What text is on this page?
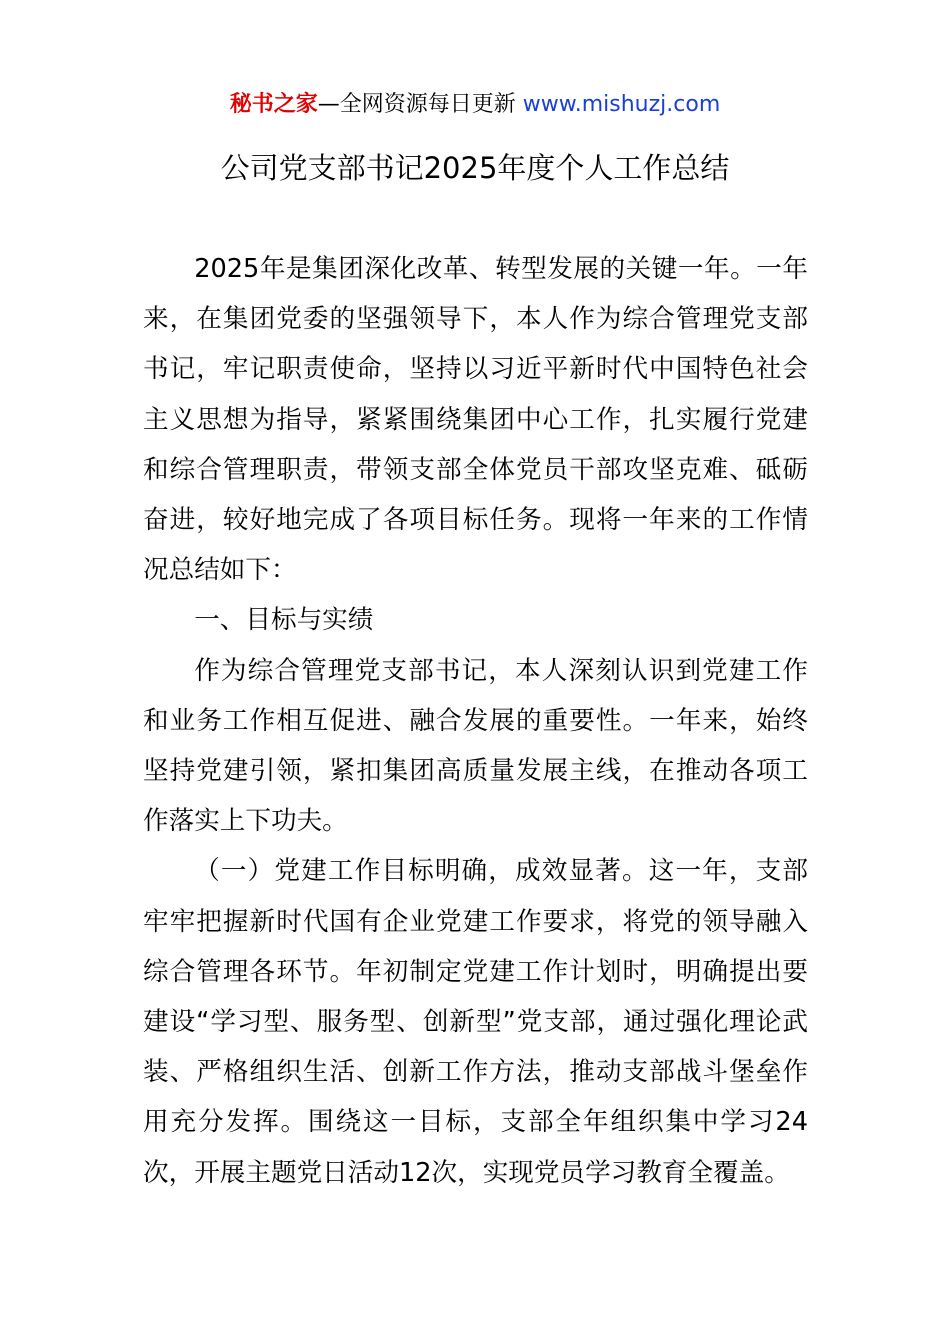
秘书之家—全网资源每日更新 www.mishuzj.com
公司党支部书记2025年度个人工作总结

2025年是集团深化改革、转型发展的关键一年。一年来，在集团党委的坚强领导下，本人作为综合管理党支部书记，牢记职责使命，坚持以习近平新时代中国特色社会主义思想为指导，紧紧围绕集团中心工作，扎实履行党建和综合管理职责，带领支部全体党员干部攻坚克难、砥砺奋进，较好地完成了各项目标任务。现将一年来的工作情况总结如下：

一、目标与实绩

作为综合管理党支部书记，本人深刻认识到党建工作和业务工作相互促进、融合发展的重要性。一年来，始终坚持党建引领，紧扣集团高质量发展主线，在推动各项工作落实上下功夫。

（一）党建工作目标明确，成效显著。这一年，支部牢牢把握新时代国有企业党建工作要求，将党的领导融入综合管理各环节。年初制定党建工作计划时，明确提出要建设“学习型、服务型、创新型”党支部，通过强化理论武装、严格组织生活、创新工作方法，推动支部战斗堡垒作用充分发挥。围绕这一目标，支部全年组织集中学习24次，开展主题党日活动12次，实现党员学习教育全覆盖。
